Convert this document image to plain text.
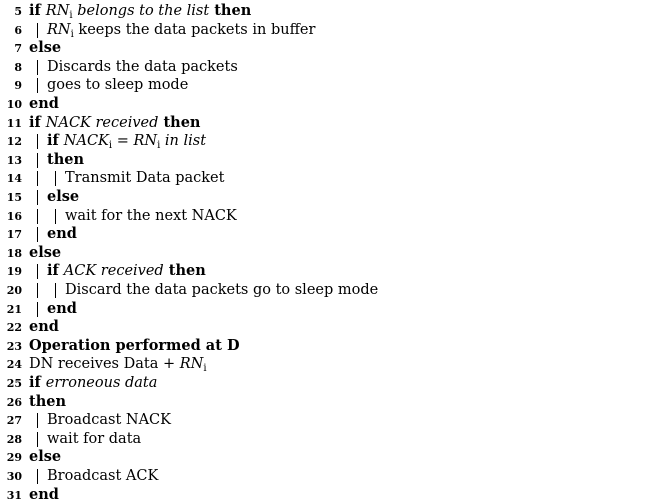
5 if $RN_i$ belongs to the list then
6 $RN_i$ keeps the data packets in buffer
7 else
8 Discards the data packets
9 goes to sleep mode
10 end
11 if NACK received then
12 if $NACK_i = RN_i$ in list
13 then
14	Transmit Data packet
15 else
16	wait for the next NACK
17 end
18 else
19 if ACK received then
20	Discard the data packets go to sleep mode
21 end
22 end
23 Operation performed at D
24 DN receives Data + $RN_i$
25 if erroneous data
26 then
27 Broadcast NACK
28 wait for data
29 else
30 Broadcast ACK
31 end
